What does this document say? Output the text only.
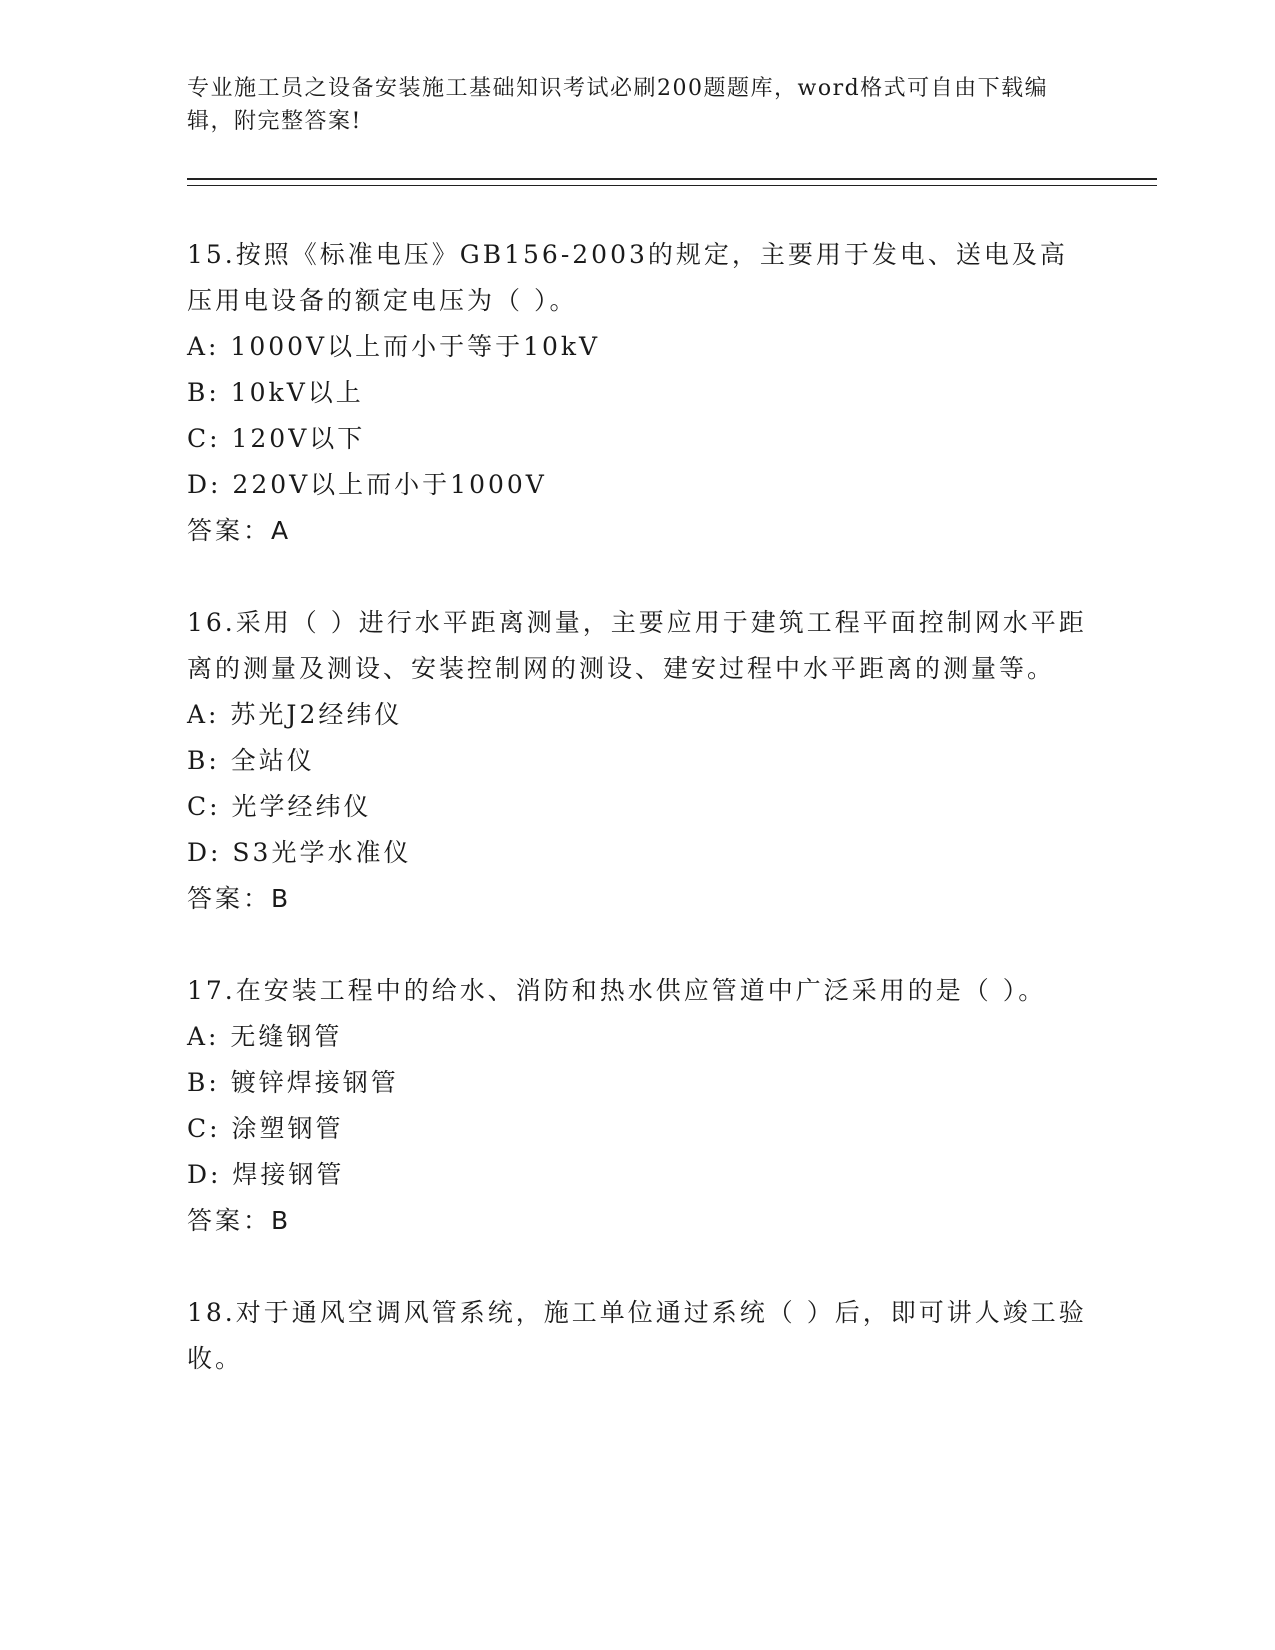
专业施工员之设备安装施工基础知识考试必刷200题题库，word格式可自由下载编辑，附完整答案!
15.按照《标准电压》GB156-2003的规定，主要用于发电、送电及高压用电设备的额定电压为（ ）。
A: 1000V以上而小于等于10kV
B: 10kV以上
C: 120V以下
D: 220V以上而小于1000V
答案：A
16.采用（ ）进行水平距离测量，主要应用于建筑工程平面控制网水平距离的测量及测设、安装控制网的测设、建安过程中水平距离的测量等。
A: 苏光J2经纬仪
B: 全站仪
C: 光学经纬仪
D: S3光学水准仪
答案：B
17.在安装工程中的给水、消防和热水供应管道中广泛采用的是（ ）。
A: 无缝钢管
B: 镀锌焊接钢管
C: 涂塑钢管
D: 焊接钢管
答案：B
18.对于通风空调风管系统，施工单位通过系统（ ）后，即可讲人竣工验收。
